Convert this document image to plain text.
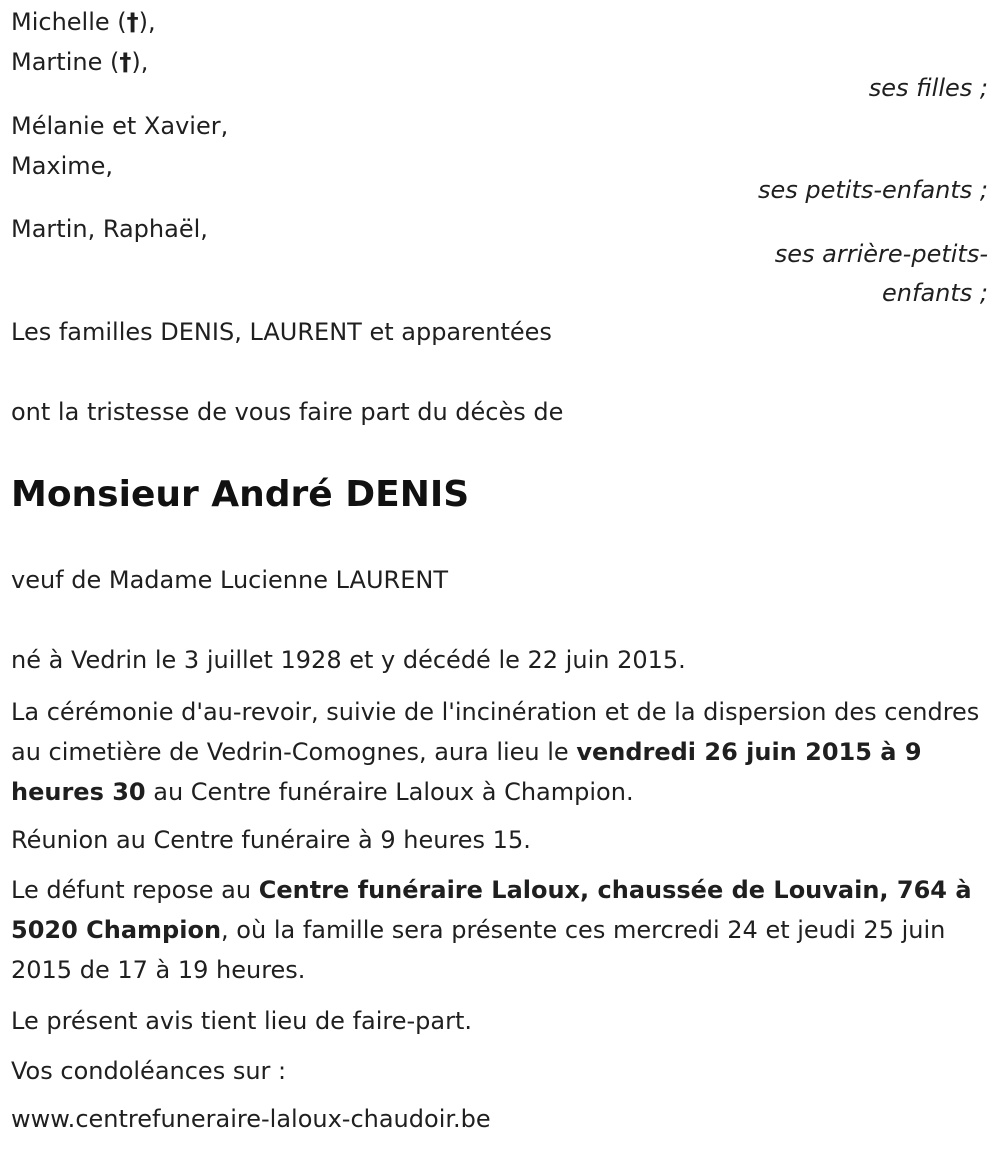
Michelle (†),
Martine (†),
ses filles ;
Mélanie et Xavier,
Maxime,
ses petits-enfants ;
Martin, Raphaël,
ses arrière-petits-
enfants ;
Les familles DENIS, LAURENT et apparentées
ont la tristesse de vous faire part du décès de
Monsieur André DENIS
veuf de Madame Lucienne LAURENT
né à Vedrin le 3 juillet 1928 et y décédé le 22 juin 2015.
La cérémonie d'au-revoir, suivie de l'incinération et de la dispersion des cendres au cimetière de Vedrin-Comognes, aura lieu le vendredi 26 juin 2015 à 9 heures 30 au Centre funéraire Laloux à Champion.
Réunion au Centre funéraire à 9 heures 15.
Le défunt repose au Centre funéraire Laloux, chaussée de Louvain, 764 à 5020 Champion, où la famille sera présente ces mercredi 24 et jeudi 25 juin 2015 de 17 à 19 heures.
Le présent avis tient lieu de faire-part.
Vos condoléances sur :
www.centrefuneraire-laloux-chaudoir.be
